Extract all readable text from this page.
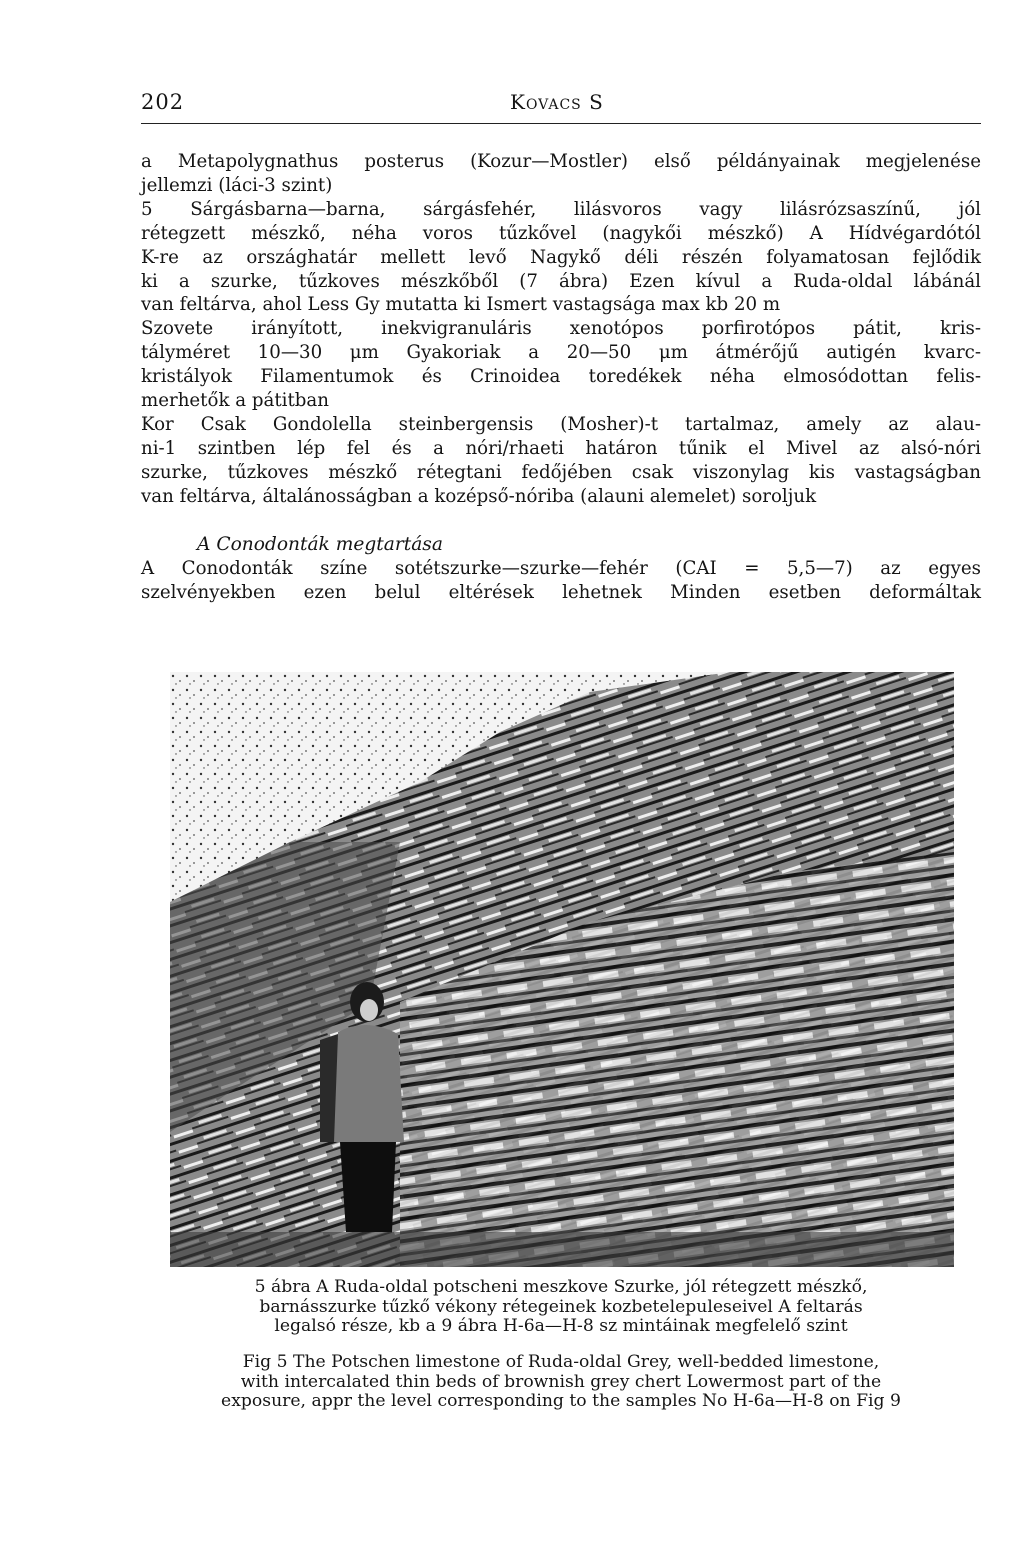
202	Kovacs S
a Metapolygnathus posterus (Kozur—Mostler) első példányainak megjelenése
jellemzi (láci-3 szint)
5 Sárgásbarna—barna, sárgásfehér, lilásvoros vagy lilásrózsaszínű, jól
rétegzett mészkő, néha voros tűzkővel (nagykői mészkő) A Hídvégardótól
K-re az országhatár mellett levő Nagykő déli részén folyamatosan fejlődik
ki a szurke, tűzkoves mészkőből (7 ábra) Ezen kívul a Ruda-oldal lábánál
van feltárva, ahol Less Gy mutatta ki Ismert vastagsága max kb 20 m
Szovete irányított, inekvigranuláris xenotópos porfirotópos pátit, kris-
tályméret 10—30 μm Gyakoriak a 20—50 μm átmérőjű autigén kvarc-
kristályok Filamentumok és Crinoidea toredékek néha elmosódottan felis-
merhetők a pátitban
Kor Csak Gondolella steinbergensis (Mosher)-t tartalmaz, amely az alau-
ni-1 szintben lép fel és a nóri/rhaeti határon tűnik el Mivel az alsó-nóri
szurke, tűzkoves mészkő rétegtani fedőjében csak viszonylag kis vastagságban
van feltárva, általánosságban a kozépső-nóriba (alauni alemelet) soroljuk
A Conodonták megtartása
A Conodonták színe sotétszurke—szurke—fehér (CAI = 5,5—7) az egyes
szelvényekben ezen belul eltérések lehetnek Minden esetben deformáltak
5 ábra A Ruda-oldal potscheni meszkove Szurke, jól rétegzett mészkő,
barnásszurke tűzkő vékony rétegeinek kozbetelepuleseivel A feltarás
legalsó része, kb a 9 ábra H-6a—H-8 sz mintáinak megfelelő szint
Fig 5 The Potschen limestone of Ruda-oldal Grey, well-bedded limestone,
with intercalated thin beds of brownish grey chert Lowermost part of the
exposure, appr the level corresponding to the samples No H-6a—H-8 on Fig 9
